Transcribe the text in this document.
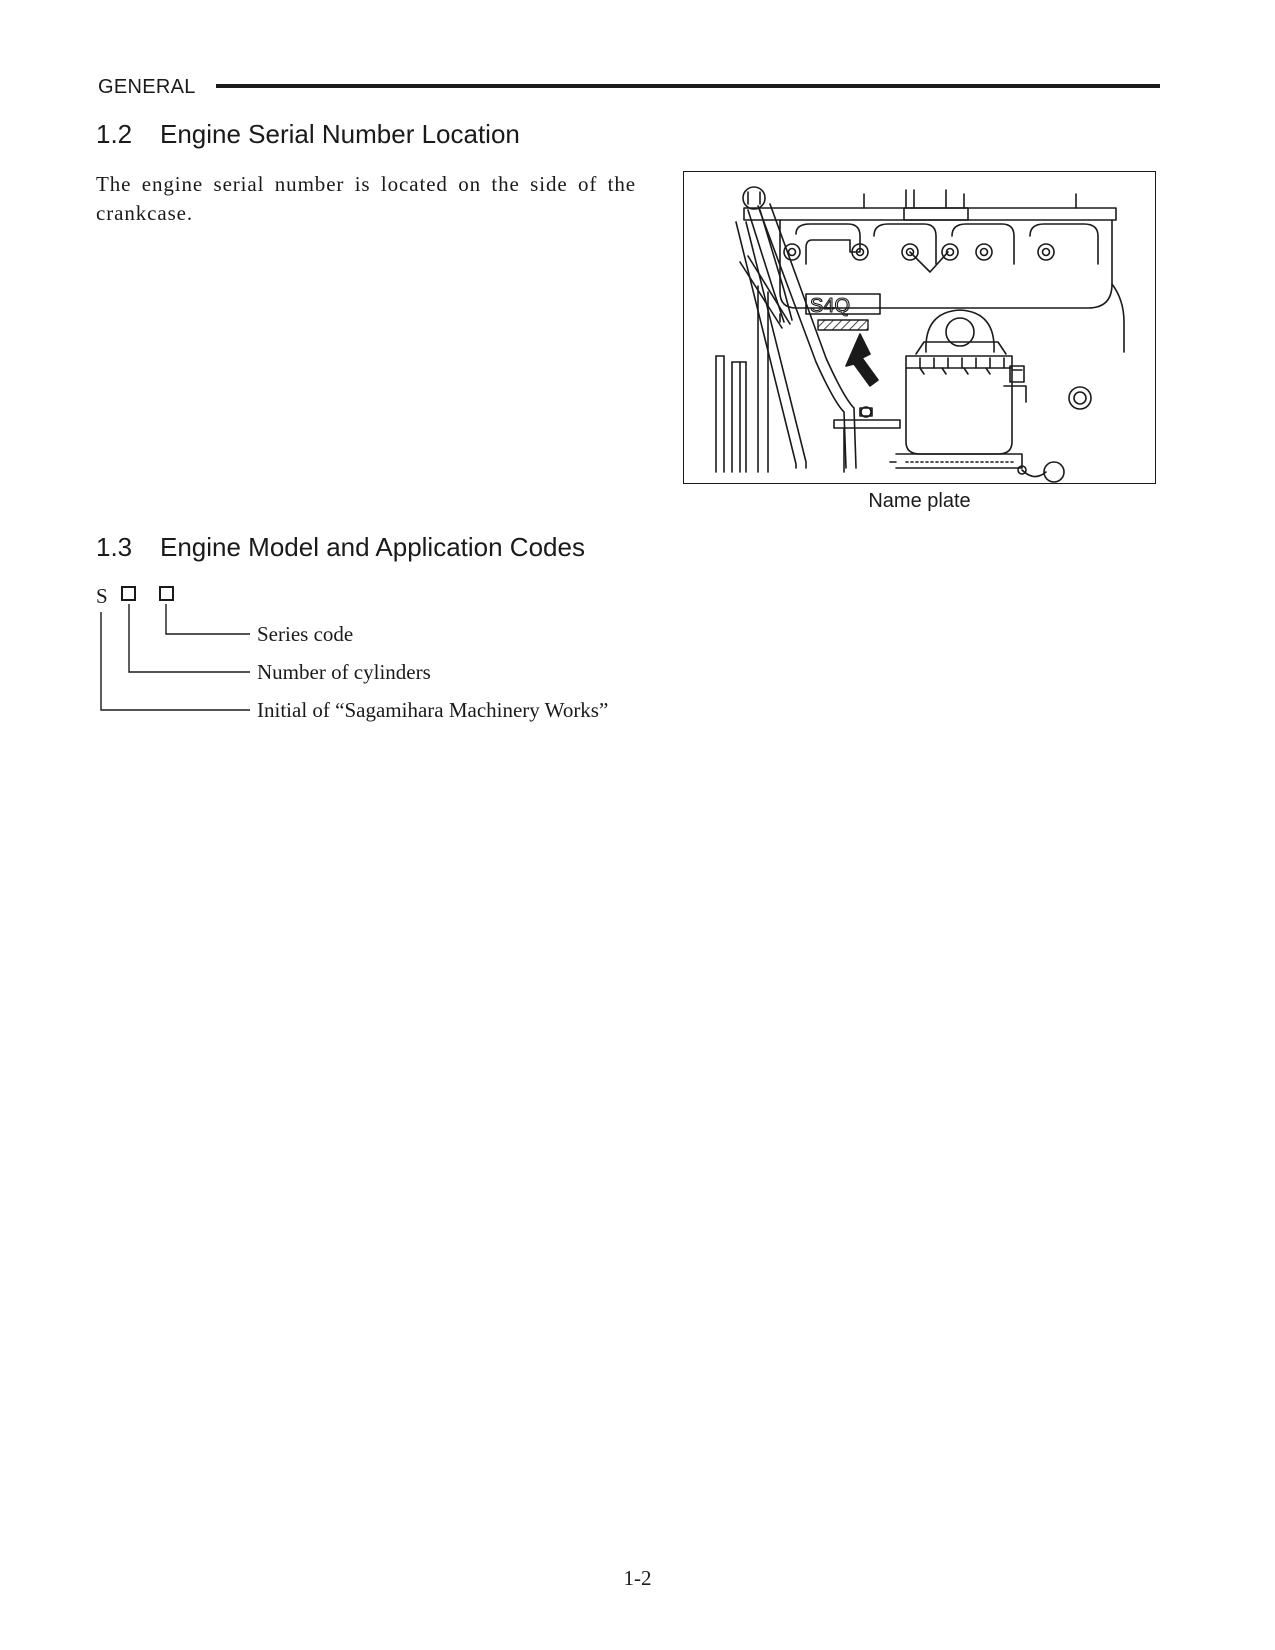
GENERAL
1.2 Engine Serial Number Location

The engine serial number is located on the side of the crankcase.

S4Q
Name plate
1.3 Engine Model and Application Codes
S
Series code
Number of cylinders
Initial of “Sagamihara Machinery Works”
1-2
